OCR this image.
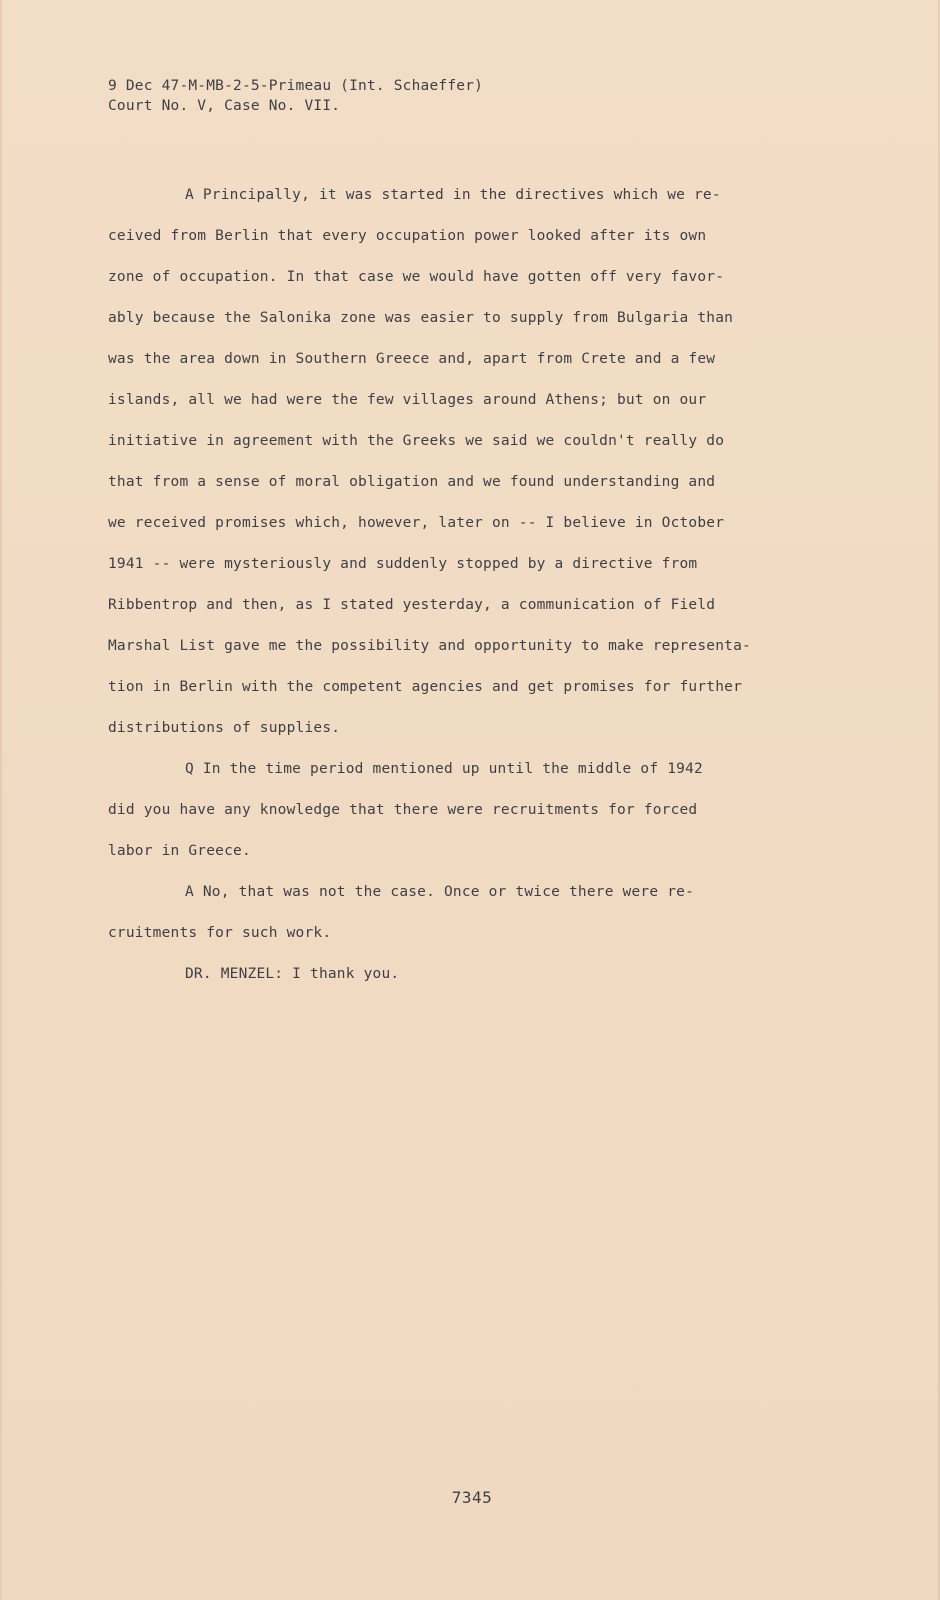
9 Dec 47-M-MB-2-5-Primeau (Int. Schaeffer)
Court No. V, Case No. VII.
A Principally, it was started in the directives which we re-
ceived from Berlin that every occupation power looked after its own
zone of occupation. In that case we would have gotten off very favor-
ably because the Salonika zone was easier to supply from Bulgaria than
was the area down in Southern Greece and, apart from Crete and a few
islands, all we had were the few villages around Athens; but on our
initiative in agreement with the Greeks we said we couldn't really do
that from a sense of moral obligation and we found understanding and
we received promises which, however, later on -- I believe in October
1941 -- were mysteriously and suddenly stopped by a directive from
Ribbentrop and then, as I stated yesterday, a communication of Field
Marshal List gave me the possibility and opportunity to make representa-
tion in Berlin with the competent agencies and get promises for further
distributions of supplies.
Q In the time period mentioned up until the middle of 1942
did you have any knowledge that there were recruitments for forced
labor in Greece.
A No, that was not the case. Once or twice there were re-
cruitments for such work.
DR. MENZEL: I thank you.
7345
